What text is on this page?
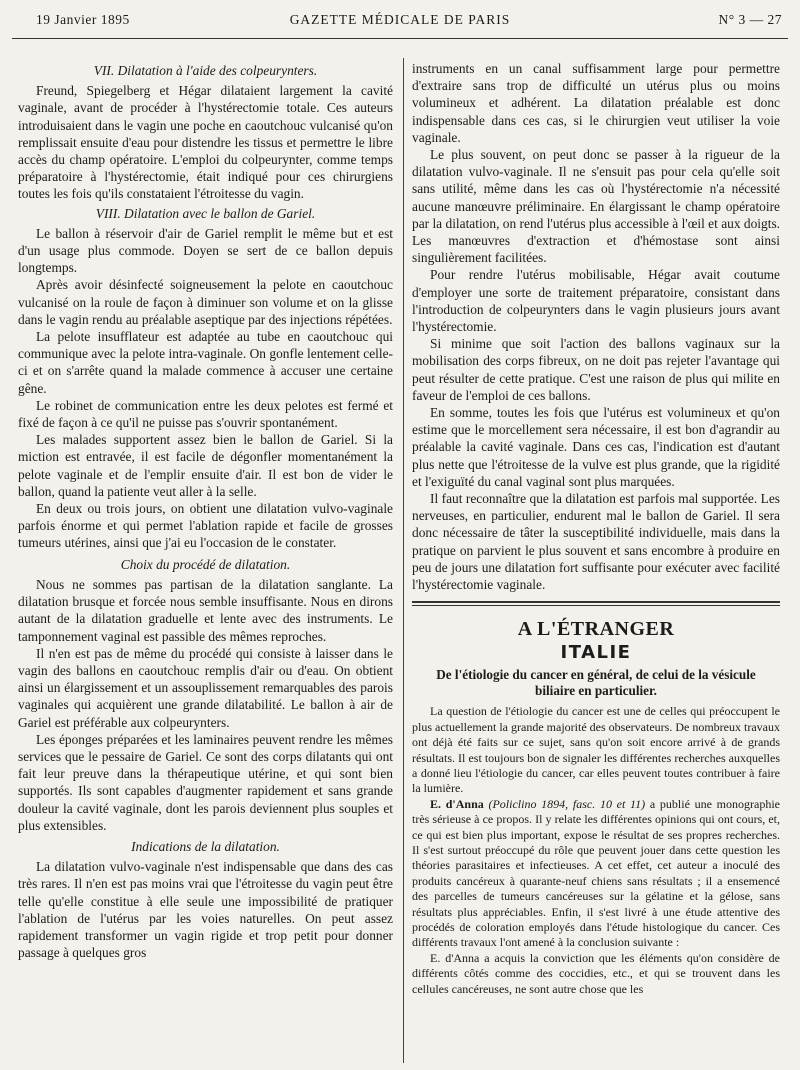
19 Janvier 1895	GAZETTE MÉDICALE DE PARIS	N° 3 — 27
VII. Dilatation à l'aide des colpeurynters.

Freund, Spiegelberg et Hégar dilataient largement la cavité vaginale, avant de procéder à l'hystérectomie totale. Ces auteurs introduisaient dans le vagin une poche en caoutchouc vulcanisé qu'on remplissait ensuite d'eau pour distendre les tissus et permettre le libre accès du champ opératoire. L'emploi du colpeurynter, comme temps préparatoire à l'hystérectomie, était indiqué pour ces chirurgiens toutes les fois qu'ils constataient l'étroitesse du vagin.

VIII. Dilatation avec le ballon de Gariel.

Le ballon à réservoir d'air de Gariel remplit le même but et est d'un usage plus commode. Doyen se sert de ce ballon depuis longtemps.

Après avoir désinfecté soigneusement la pelote en caoutchouc vulcanisé on la roule de façon à diminuer son volume et on la glisse dans le vagin rendu au préalable aseptique par des injections répétées.

La pelote insufflateur est adaptée au tube en caoutchouc qui communique avec la pelote intra-vaginale. On gonfle lentement celle-ci et on s'arrête quand la malade commence à accuser une certaine gêne.

Le robinet de communication entre les deux pelotes est fermé et fixé de façon à ce qu'il ne puisse pas s'ouvrir spontanément.

Les malades supportent assez bien le ballon de Gariel. Si la miction est entravée, il est facile de dégonfler momentanément la pelote vaginale et de l'emplir ensuite d'air. Il est bon de vider le ballon, quand la patiente veut aller à la selle.

En deux ou trois jours, on obtient une dilatation vulvo-vaginale parfois énorme et qui permet l'ablation rapide et facile de grosses tumeurs utérines, ainsi que j'ai eu l'occasion de le constater.

Choix du procédé de dilatation.

Nous ne sommes pas partisan de la dilatation sanglante. La dilatation brusque et forcée nous semble insuffisante. Nous en dirons autant de la dilatation graduelle et lente avec des instruments. Le tamponnement vaginal est passible des mêmes reproches.

Il n'en est pas de même du procédé qui consiste à laisser dans le vagin des ballons en caoutchouc remplis d'air ou d'eau. On obtient ainsi un élargissement et un assouplissement remarquables des parois vaginales qui acquièrent une grande dilatabilité. Le ballon à air de Gariel est préférable aux colpeurynters.

Les éponges préparées et les laminaires peuvent rendre les mêmes services que le pessaire de Gariel. Ce sont des corps dilatants qui ont fait leur preuve dans la thérapeutique utérine, et qui sont bien supportés. Ils sont capables d'augmenter rapidement et sans grande douleur la cavité vaginale, dont les parois deviennent plus souples et plus extensibles.

Indications de la dilatation.

La dilatation vulvo-vaginale n'est indispensable que dans des cas très rares. Il n'en est pas moins vrai que l'étroitesse du vagin peut être telle qu'elle constitue à elle seule une impossibilité de pratiquer l'ablation de l'utérus par les voies naturelles. On peut assez rapidement transformer un vagin rigide et trop petit pour donner passage à quelques gros

instruments en un canal suffisamment large pour permettre d'extraire sans trop de difficulté un utérus plus ou moins volumineux et adhérent. La dilatation préalable est donc indispensable dans ces cas, si le chirurgien veut utiliser la voie vaginale.

Le plus souvent, on peut donc se passer à la rigueur de la dilatation vulvo-vaginale. Il ne s'ensuit pas pour cela qu'elle soit sans utilité, même dans les cas où l'hystérectomie n'a nécessité aucune manœuvre préliminaire. En élargissant le champ opératoire par la dilatation, on rend l'utérus plus accessible à l'œil et aux doigts. Les manœuvres d'extraction et d'hémostase sont ainsi singulièrement facilitées.

Pour rendre l'utérus mobilisable, Hégar avait coutume d'employer une sorte de traitement préparatoire, consistant dans l'introduction de colpeurynters dans le vagin plusieurs jours avant l'hystérectomie.

Si minime que soit l'action des ballons vaginaux sur la mobilisation des corps fibreux, on ne doit pas rejeter l'avantage qui peut résulter de cette pratique. C'est une raison de plus qui milite en faveur de l'emploi de ces ballons.

En somme, toutes les fois que l'utérus est volumineux et qu'on estime que le morcellement sera nécessaire, il est bon d'agrandir au préalable la cavité vaginale. Dans ces cas, l'indication est d'autant plus nette que l'étroitesse de la vulve est plus grande, que la rigidité et l'exiguïté du canal vaginal sont plus marquées.

Il faut reconnaître que la dilatation est parfois mal supportée. Les nerveuses, en particulier, endurent mal le ballon de Gariel. Il sera donc nécessaire de tâter la susceptibilité individuelle, mais dans la pratique on parvient le plus souvent et sans encombre à produire en peu de jours une dilatation fort suffisante pour exécuter avec facilité l'hystérectomie vaginale.

A L'ÉTRANGER
ITALIE
De l'étiologie du cancer en général, de celui de la vésicule biliaire en particulier.

La question de l'étiologie du cancer est une de celles qui préoccupent le plus actuellement la grande majorité des observateurs. De nombreux travaux ont déjà été faits sur ce sujet, sans qu'on soit encore arrivé à de grands résultats. Il est toujours bon de signaler les différentes recherches auxquelles a donné lieu l'étiologie du cancer, car elles peuvent toutes contribuer à faire la lumière.

E. d'Anna (Policlino 1894, fasc. 10 et 11) a publié une monographie très sérieuse à ce propos. Il y relate les différentes opinions qui ont cours, et, ce qui est bien plus important, expose le résultat de ses propres recherches. Il s'est surtout préoccupé du rôle que peuvent jouer dans cette question les théories parasitaires et infectieuses. A cet effet, cet auteur a inoculé des produits cancéreux à quarante-neuf chiens sans résultats ; il a ensemencé des parcelles de tumeurs cancéreuses sur la gélatine et la gélose, sans résultats plus appréciables. Enfin, il s'est livré à une étude attentive des procédés de coloration employés dans l'étude histologique du cancer. Ces différents travaux l'ont amené à la conclusion suivante :

E. d'Anna a acquis la conviction que les éléments qu'on considère de différents côtés comme des coccidies, etc., et qui se trouvent dans les cellules cancéreuses, ne sont autre chose que les
